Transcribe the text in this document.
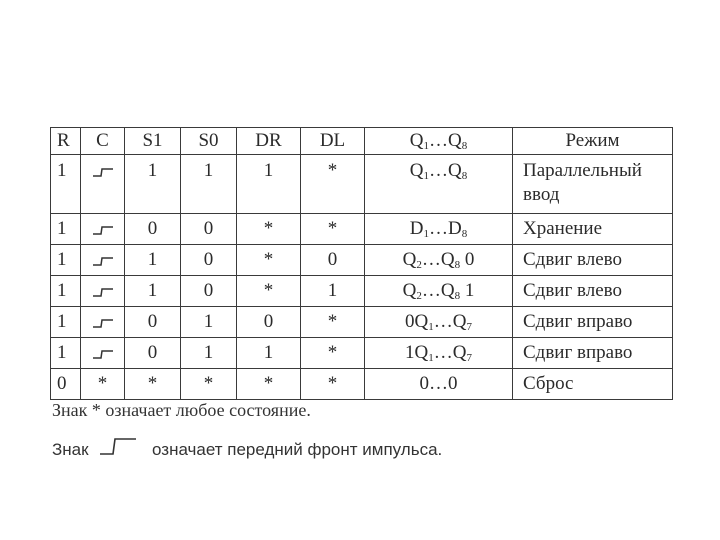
R	C	S1	S0	DR	DL	$Q_1\dots Q_8$	Режим
1		1	1	1	*	$Q_1\dots Q_8$	Параллельный
ввод

1		0	0	*	*	$D_1\dots D_8$	Хранение

1		1	0	*	0	$Q_2\dots Q_8$ 0	Сдвиг влево

1		1	0	*	1	$Q_2\dots Q_8$ 1	Сдвиг влево

1		0	1	0	*	$0Q_1\dots Q_7$	Сдвиг вправо

1		0	1	1	*	$1Q_1\dots Q_7$	Сдвиг вправо

0	*	*	*	*	*	0…0	Сброс
Знак * означает любое состояние.
Знак	означает передний фронт импульса.
